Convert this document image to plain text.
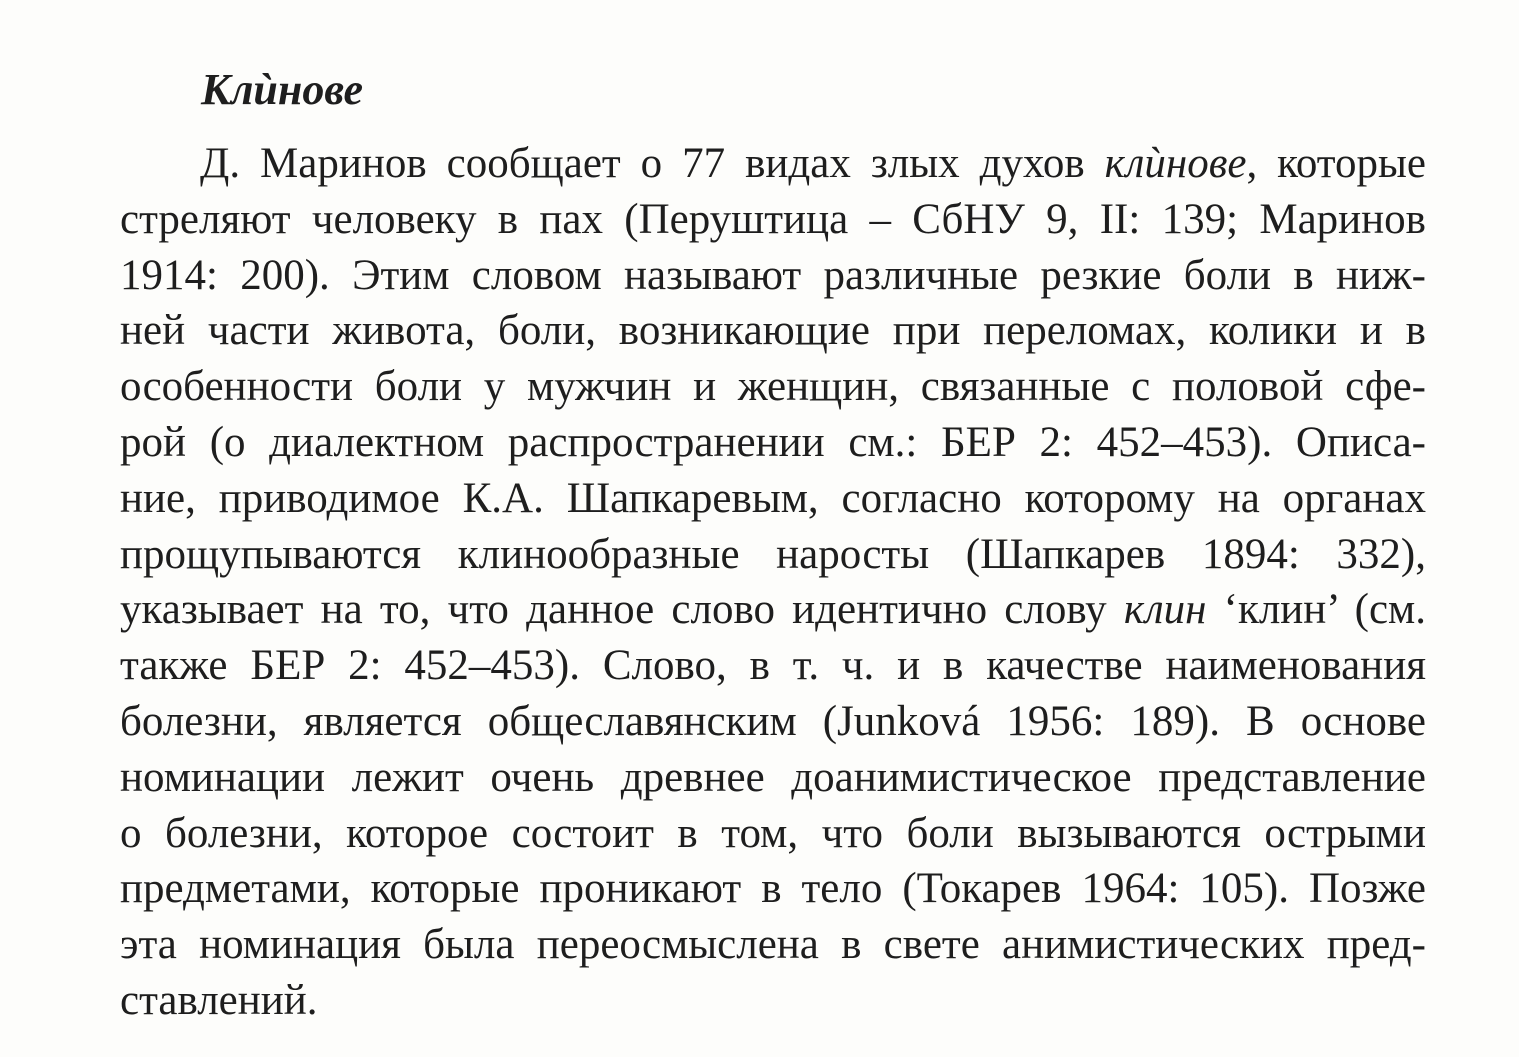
Клѝнове
Д. Маринов сообщает о 77 видах злых духов клѝнове, которые
стреляют человеку в пах (Перуштица – СбНУ 9, II: 139; Маринов
1914: 200). Этим словом называют различные резкие боли в ниж-
ней части живота, боли, возникающие при переломах, колики и в
особенности боли у мужчин и женщин, связанные с половой сфе-
рой (о диалектном распространении см.: БЕР 2: 452–453). Описа-
ние, приводимое К.А. Шапкаревым, согласно которому на органах
прощупываются клинообразные наросты (Шапкарев 1894: 332),
указывает на то, что данное слово идентично слову клин ‘клин’ (см.
также БЕР 2: 452–453). Слово, в т. ч. и в качестве наименования
болезни, является общеславянским (Junková 1956: 189). В основе
номинации лежит очень древнее доанимистическое представление
о болезни, которое состоит в том, что боли вызываются острыми
предметами, которые проникают в тело (Токарев 1964: 105). Позже
эта номинация была переосмыслена в свете анимистических пред-
ставлений.
